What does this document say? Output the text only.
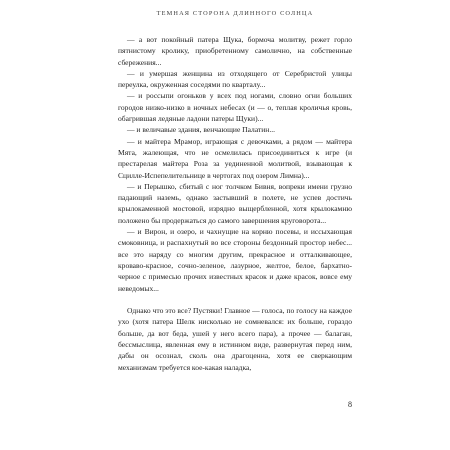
ТЕМНАЯ СТОРОНА ДЛИННОГО СОЛНЦА

— а вот покойный патера Щука, бормоча молитву, режет горло пятнистому кролику, приобретенному самолично, на собственные сбережения...

— и умершая женщина из отходящего от Серебристой улицы переулка, окруженная соседями по кварталу...

— и россыпи огоньков у всех под ногами, словно огни больших городов низко-низко в ночных небесах (и — о, теплая кроличья кровь, обагрившая ледяные ладони патеры Щуки)...

— и величавые здания, венчающие Палатин...

— и майтера Мрамор, играющая с девочками, а рядом — майтера Мята, жалеющая, что не осмелилась присоединиться к игре (и престарелая майтера Роза за уединенной молитвой, взывающая к Сциллe-Испепелительнице в чертогах под озером Лимна)...

— и Перышко, сбитый с ног толчком Бивня, вопреки имени грузно падающий наземь, однако застывший в полете, не успев достичь крылокаменной мостовой, изрядно выщербленной, хотя крылокамню положено бы продержаться до самого завершения круговорота...

— и Вирон, и озеро, и чахнущие на корню посевы, и иссыхающая смоковница, и распахнутый во все стороны бездонный простор небес... все это наряду со многим другим, прекрасное и отталкивающее, кроваво-красное, сочно-зеленое, лазурное, желтое, белое, бархатно-черное с примесью прочих известных красок и даже красок, вовсе ему неведомых...

Однако что это все? Пустяки! Главное — голоса, по голосу на каждое ухо (хотя патера Шелк нисколько не сомневался: их больше, гораздо больше, да вот беда, ушей у него всего пара), а прочее — балаган, бессмыслица, явленная ему в истинном виде, развернутая перед ним, дабы он осознал, сколь она драгоценна, хотя ее сверкающим механизмам требуется кое-какая наладка,

8
